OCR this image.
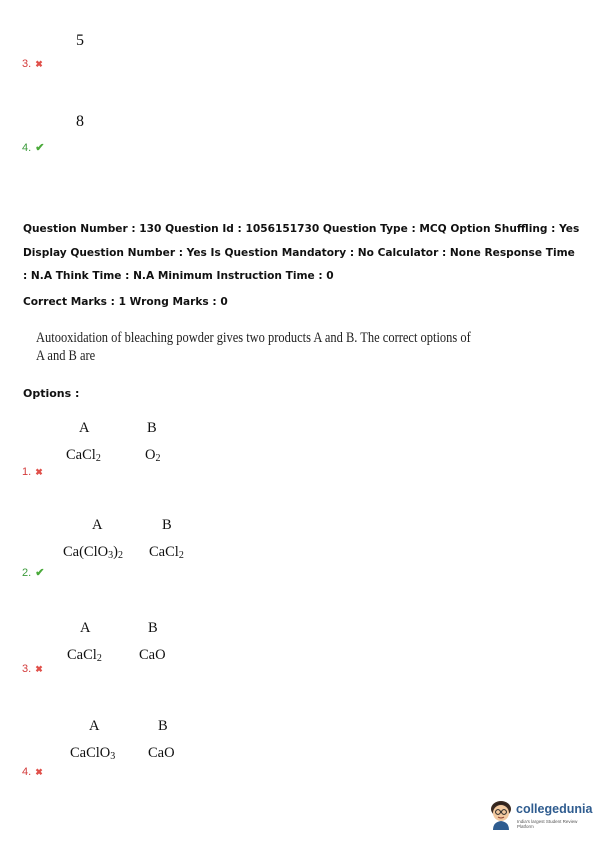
5
3. ✖
8
4. ✔
Question Number : 130 Question Id : 1056151730 Question Type : MCQ Option Shuffling : Yes
Display Question Number : Yes Is Question Mandatory : No Calculator : None Response Time
: N.A Think Time : N.A Minimum Instruction Time : 0
Correct Marks : 1 Wrong Marks : 0
Autooxidation of bleaching powder gives two products A and B. The correct options of
A and B are
Options :
A	B
CaCl$_2$	$O_2$
1. ✖
A	B
$Ca(ClO_3)_2$ CaCl$_2$
2. ✔
A	B
CaCl$_2$	CaO
3. ✖
A	B
CaClO$_3$ CaO
4. ✖
collegedunia
India's largest Student Review Platform
